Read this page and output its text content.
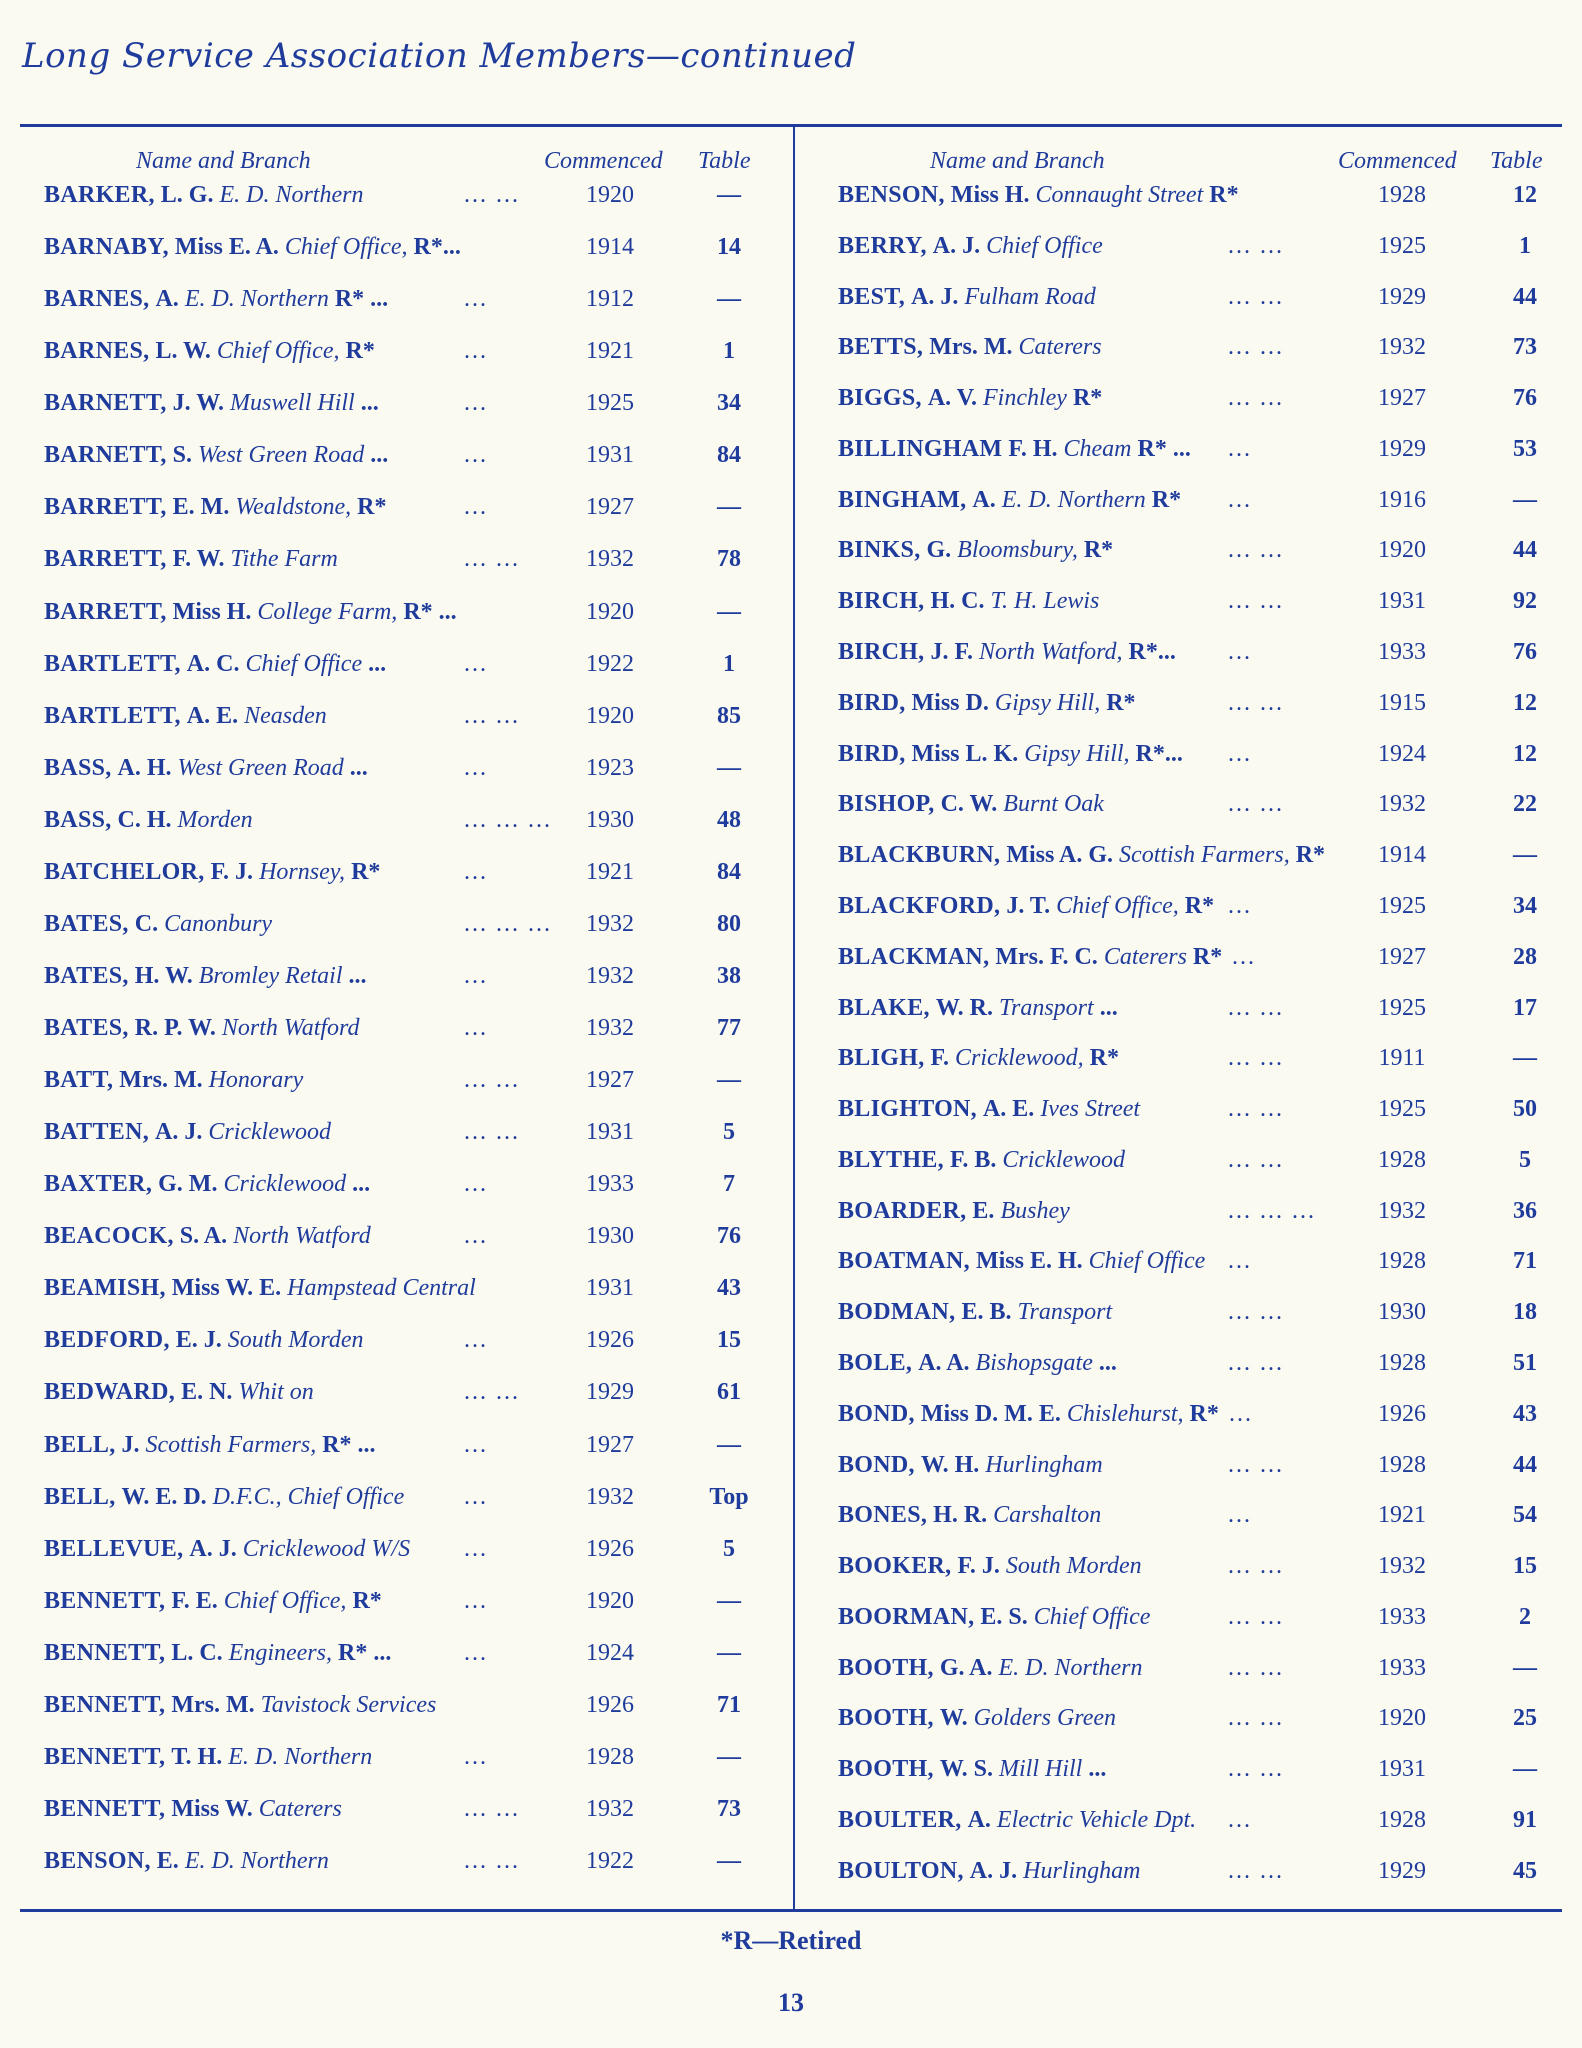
Long Service Association Members—continued
Name and Branch	Commenced Table
BARKER, L. G. E. D. Northern	... ...	1920	—
BARNABY, Miss E. A. Chief Office, R*...	1914	14
BARNES, A. E. D. Northern R* ...	...	1912	—
BARNES, L. W. Chief Office, R*	...	1921	1
BARNETT, J. W. Muswell Hill ...	...	1925	34
BARNETT, S. West Green Road ...	...	1931	84
BARRETT, E. M. Wealdstone, R*	...	1927	—
BARRETT, F. W. Tithe Farm	... ...	1932	78
BARRETT, Miss H. College Farm, R* ...	1920	—
BARTLETT, A. C. Chief Office ...	...	1922	1
BARTLETT, A. E. Neasden	... ...	1920	85
BASS, A. H. West Green Road ...	...	1923	—
BASS, C. H. Morden	... ... ...	1930	48
BATCHELOR, F. J. Hornsey, R*	...	1921	84
BATES, C. Canonbury	... ... ...	1932	80
BATES, H. W. Bromley Retail ...	...	1932	38
BATES, R. P. W. North Watford	...	1932	77
BATT, Mrs. M. Honorary	... ...	1927	—
BATTEN, A. J. Cricklewood	... ...	1931	5
BAXTER, G. M. Cricklewood ...	...	1933	7
BEACOCK, S. A. North Watford	...	1930	76
BEAMISH, Miss W. E. Hampstead Central	1931	43
BEDFORD, E. J. South Morden	...	1926	15
BEDWARD, E. N. Whit on	... ...	1929	61
BELL, J. Scottish Farmers, R* ...	...	1927	—
BELL, W. E. D. D.F.C., Chief Office ...	1932	Top
BELLEVUE, A. J. Cricklewood W/S ...	1926	5
BENNETT, F. E. Chief Office, R*	...	1920	—
BENNETT, L. C. Engineers, R* ...	...	1924	—
BENNETT, Mrs. M. Tavistock Services	1926	71
BENNETT, T. H. E. D. Northern	...	1928	—
BENNETT, Miss W. Caterers	... ...	1932	73
BENSON, E. E. D. Northern	... ...	1922	—
Name and Branch	Commenced Table
BENSON, Miss H. Connaught Street R*	1928	12
BERRY, A. J. Chief Office	... ...	1925	1
BEST, A. J. Fulham Road	... ...	1929	44
BETTS, Mrs. M. Caterers	... ...	1932	73
BIGGS, A. V. Finchley R*	... ...	1927	76
BILLINGHAM F. H. Cheam R* ... ...	1929	53
BINGHAM, A. E. D. Northern R* ...	1916	—
BINKS, G. Bloomsbury, R*	... ...	1920	44
BIRCH, H. C. T. H. Lewis	... ...	1931	92
BIRCH, J. F. North Watford, R*... ...	1933	76
BIRD, Miss D. Gipsy Hill, R*	... ...	1915	12
BIRD, Miss L. K. Gipsy Hill, R*... ...	1924	12
BISHOP, C. W. Burnt Oak	... ...	1932	22
BLACKBURN, Miss A. G. Scottish Farmers, R*	1914	—
BLACKFORD, J. T. Chief Office, R* ...	1925	34
BLACKMAN, Mrs. F. C. Caterers R* ...	1927	28
BLAKE, W. R. Transport ...	... ...	1925	17
BLIGH, F. Cricklewood, R*	... ...	1911	—
BLIGHTON, A. E. Ives Street	... ...	1925	50
BLYTHE, F. B. Cricklewood	... ...	1928	5
BOARDER, E. Bushey	... ... ...	1932	36
BOATMAN, Miss E. H. Chief Office ...	1928	71
BODMAN, E. B. Transport	... ...	1930	18
BOLE, A. A. Bishopsgate ...	... ...	1928	51
BOND, Miss D. M. E. Chislehurst, R* ...	1926	43
BOND, W. H. Hurlingham	... ...	1928	44
BONES, H. R. Carshalton	...	1921	54
BOOKER, F. J. South Morden	... ...	1932	15
BOORMAN, E. S. Chief Office	... ...	1933	2
BOOTH, G. A. E. D. Northern	... ...	1933	—
BOOTH, W. Golders Green	... ...	1920	25
BOOTH, W. S. Mill Hill ...	... ...	1931	—
BOULTER, A. Electric Vehicle Dpt. ...	1928	91
BOULTON, A. J. Hurlingham	... ...	1929	45
*R—Retired
13
